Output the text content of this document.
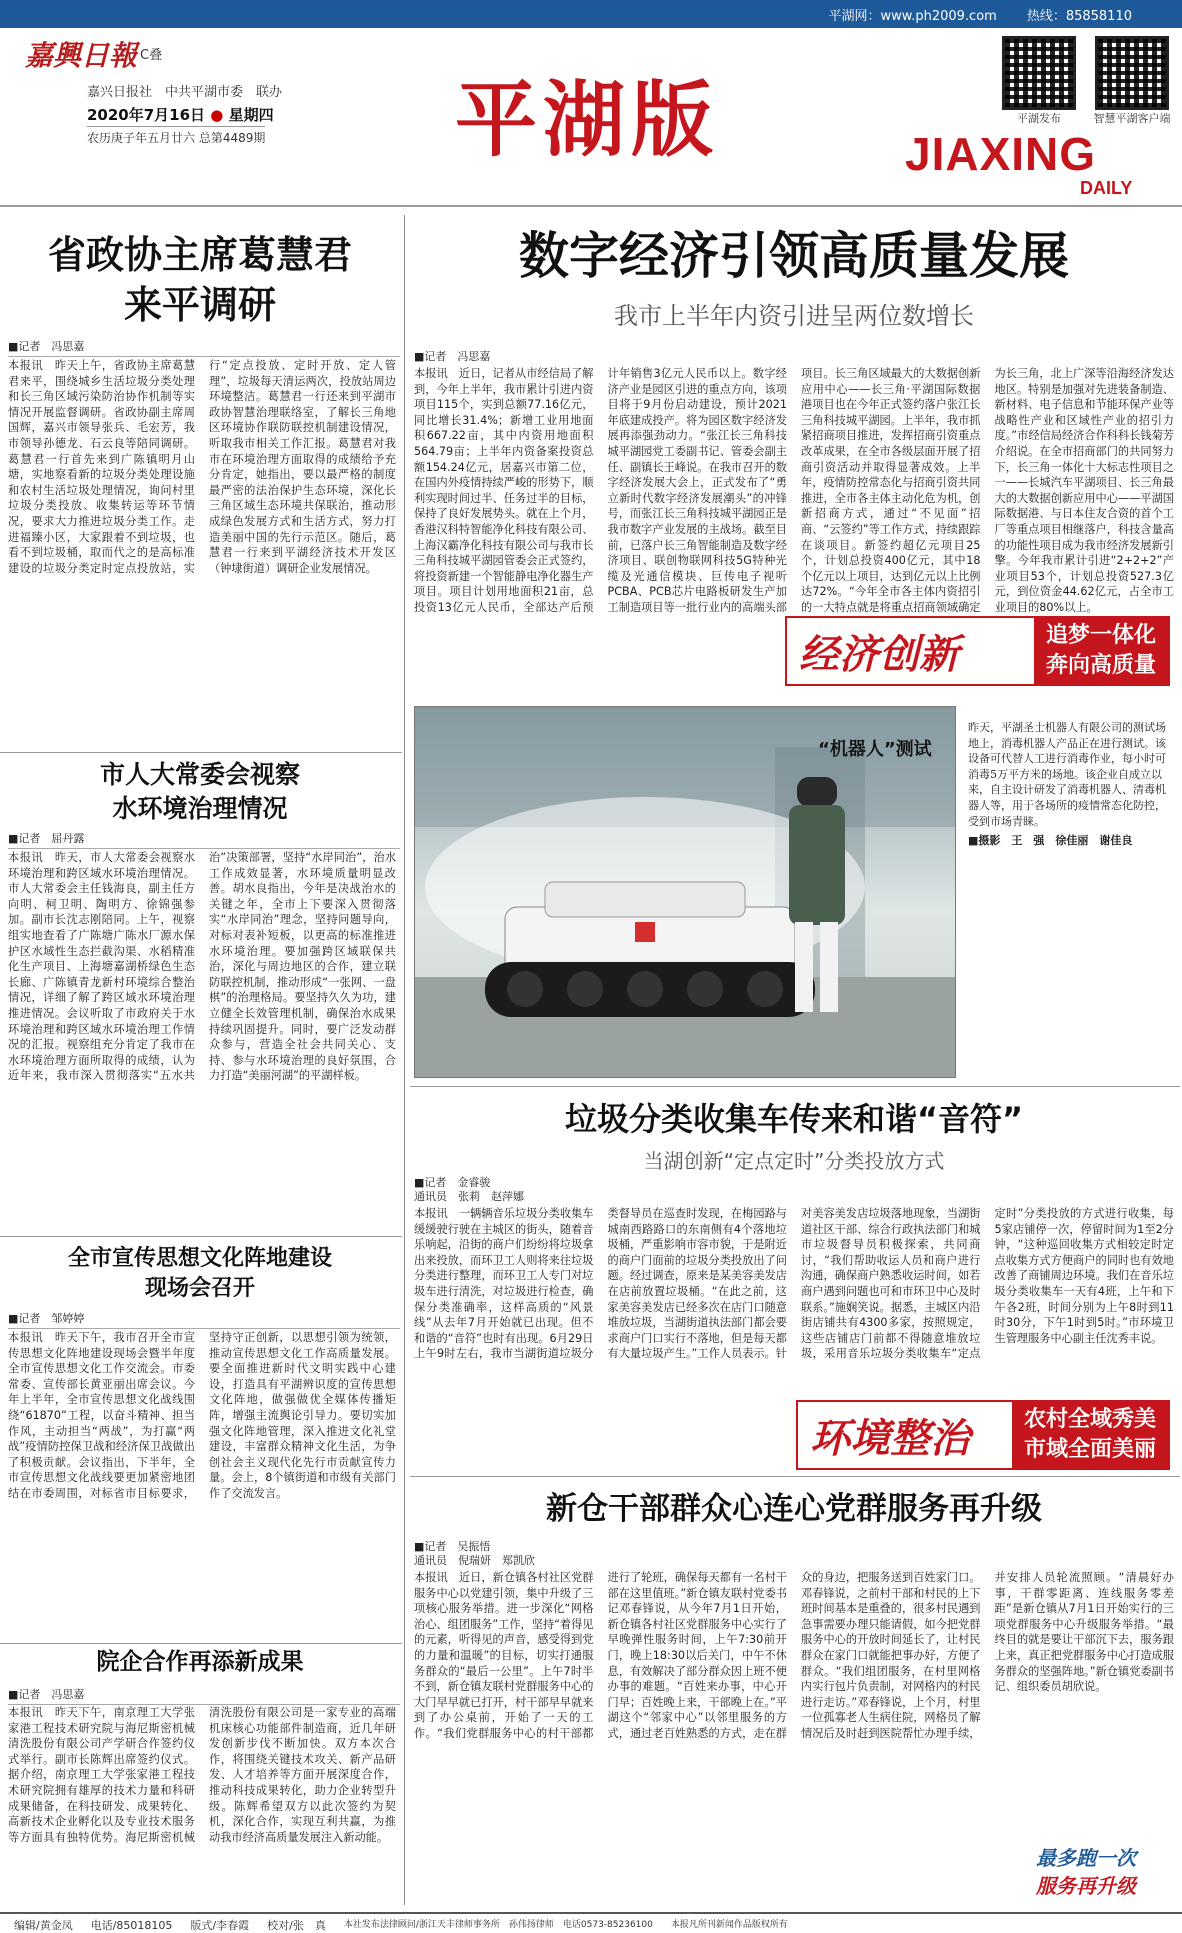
平湖网：www.ph2009.com 热线：85858110
嘉興日報 C叠
嘉兴日报社　中共平湖市委　联办
2020年7月16日 ● 星期四
农历庚子年五月廿六 总第4489期 平湖版	平湖发布	智慧平湖客户端
JIAXING
DAILY
省政协主席葛慧君
来平调研
■记者　冯思嘉
本报讯　昨天上午，省政协主席葛慧君来平，围绕城乡生活垃圾分类处理和长三角区域污染防治协作机制等实情况开展监督调研。省政协副主席周国辉，嘉兴市领导张兵、毛宏芳，我市领导孙德龙、石云良等陪同调研。葛慧君一行首先来到广陈镇明月山塘，实地察看新的垃圾分类处理设施和农村生活垃圾处理情况，询问村里垃圾分类投放、收集转运等环节情况，要求大力推进垃圾分类工作。走进福臻小区，大家跟着不到垃圾，也看不到垃圾桶，取而代之的是高标准建设的垃圾分类定时定点投放站，实行“定点投放、定时开放、定人管理”，垃圾每天清运两次，投放站周边环境整洁。葛慧君一行还来到平湖市政协智慧治理联络室，了解长三角地区环境协作联防联控机制建设情况，听取我市相关工作汇报。葛慧君对我市在环境治理方面取得的成绩给予充分肯定，她指出，要以最严格的制度最严密的法治保护生态环境，深化长三角区域生态环境共保联治，推动形成绿色发展方式和生活方式，努力打造美丽中国的先行示范区。随后，葛慧君一行来到平湖经济技术开发区（钟埭街道）调研企业发展情况。
数字经济引领高质量发展
我市上半年内资引进呈两位数增长
■记者　冯思嘉
本报讯　近日，记者从市经信局了解到，今年上半年，我市累计引进内资项目115个，实到总额77.16亿元，同比增长31.4%；新增工业用地面积667.22亩，其中内资用地面积564.79亩；上半年内资备案投资总额154.24亿元，居嘉兴市第二位，在国内外疫情持续严峻的形势下，顺利实现时间过半、任务过半的目标，保持了良好发展势头。就在上个月，香港汉科特智能净化科技有限公司、上海汉霸净化科技有限公司与我市长三角科技城平湖园管委会正式签约，将投资新建一个智能静电净化器生产项目。项目计划用地面积21亩，总投资13亿元人民币，全部达产后预计年销售3亿元人民币以上。数字经济产业是园区引进的重点方向，该项目将于9月份启动建设，预计2021年底建成投产。将为园区数字经济发展再添强劲动力。“张江长三角科技城平湖园党工委副书记、管委会副主任、副镇长王峰说。在我市召开的数字经济发展大会上，正式发布了“勇立新时代数字经济发展潮头”的冲锋号，而张江长三角科技城平湖园正是我市数字产业发展的主战场。截至目前，已落户长三角智能制造及数字经济项目、联创物联网科技5G特种光缆及光通信模块、巨传电子视听PCBA、PCB芯片电路板研发生产加工制造项目等一批行业内的高端头部项目。长三角区域最大的大数据创新应用中心——长三角·平湖国际数据港项目也在今年正式签约落户张江长三角科技城平湖园。上半年，我市抓紧招商项目推进，发挥招商引资重点改革成果，在全市各级层面开展了招商引资活动并取得显著成效。上半年，疫情防控常态化与招商引资共同推进，全市各主体主动化危为机，创新招商方式，通过“不见面”招商、“云签约”等工作方式，持续跟踪在谈项目。新签约超亿元项目25个，计划总投资400亿元，其中18个亿元以上项目，达到亿元以上比例达72%。“今年全市各主体内资招引的一大特点就是将重点招商领域确定为长三角，北上广深等沿海经济发达地区。特别是加强对先进装备制造、新材料、电子信息和节能环保产业等战略性产业和区域性产业的招引力度。”市经信局经济合作科科长钱菊芳介绍说。在全市招商部门的共同努力下，长三角一体化十大标志性项目之一——长城汽车平湖项目、长三角最大的大数据创新应用中心——平湖国际数据港、与日本住友合资的首个工厂等重点项目相继落户，科技含量高的功能性项目成为我市经济发展新引擎。今年我市累计引进“2+2+2”产业项目53个，计划总投资527.3亿元，到位资金44.62亿元，占全市工业项目的80%以上。
经济创新	追梦一体化
奔向高质量
“机器人”测试
昨天，平湖圣士机器人有限公司的测试场地上，消毒机器人产品正在进行测试。该设备可代替人工进行消毒作业，每小时可消毒5万平方米的场地。该企业自成立以来，自主设计研发了消毒机器人、清毒机器人等，用于各场所的疫情常态化防控，受到市场青睐。
■摄影　王　强　徐佳丽　谢佳良
市人大常委会视察
水环境治理情况
■记者　屈丹露
本报讯　昨天，市人大常委会视察水环境治理和跨区域水环境治理情况。市人大常委会主任钱海良，副主任方向明、柯卫明、陶明方、徐锦强参加。副市长沈志刚陪同。上午，视察组实地查看了广陈塘广陈水厂源水保护区水域性生态拦截沟渠、水稻精准化生产项目、上海塘嘉湖桥绿色生态长廊、广陈镇青龙新村环境综合整治情况，详细了解了跨区域水环境治理推进情况。会议听取了市政府关于水环境治理和跨区域水环境治理工作情况的汇报。视察组充分肯定了我市在水环境治理方面所取得的成绩，认为近年来，我市深入贯彻落实“五水共治”决策部署，坚持“水岸同治”，治水工作成效显著，水环境质量明显改善。胡水良指出，今年是决战治水的关键之年，全市上下要深入贯彻落实“水岸同治”理念，坚持问题导向，对标对表补短板，以更高的标准推进水环境治理。要加强跨区域联保共治，深化与周边地区的合作，建立联防联控机制，推动形成“一张网、一盘棋”的治理格局。要坚持久久为功，建立健全长效管理机制，确保治水成果持续巩固提升。同时，要广泛发动群众参与，营造全社会共同关心、支持、参与水环境治理的良好氛围，合力打造“美丽河湖”的平湖样板。
全市宣传思想文化阵地建设
现场会召开
■记者　邹婷婷
本报讯　昨天下午，我市召开全市宣传思想文化阵地建设现场会暨半年度全市宣传思想文化工作交流会。市委常委、宣传部长黄亚丽出席会议。今年上半年，全市宣传思想文化战线围绕“61870”工程，以奋斗精神、担当作风，主动担当“两战”，为打赢“两战”疫情防控保卫战和经济保卫战做出了积极贡献。会议指出，下半年，全市宣传思想文化战线要更加紧密地团结在市委周围，对标省市目标要求，坚持守正创新，以思想引领为统领，推动宣传思想文化工作高质量发展。要全面推进新时代文明实践中心建设，打造具有平湖辨识度的宣传思想文化阵地，做强做优全媒体传播矩阵，增强主流舆论引导力。要切实加强文化阵地管理，深入推进文化礼堂建设，丰富群众精神文化生活，为争创社会主义现代化先行市贡献宣传力量。会上，8个镇街道和市级有关部门作了交流发言。
院企合作再添新成果
■记者　冯思嘉
本报讯　昨天下午，南京理工大学张家港工程技术研究院与海尼斯密机械清洗股份有限公司产学研合作签约仪式举行。副市长陈辉出席签约仪式。据介绍，南京理工大学张家港工程技术研究院拥有雄厚的技术力量和科研成果储备，在科技研发、成果转化、高新技术企业孵化以及专业技术服务等方面具有独特优势。海尼斯密机械清洗股份有限公司是一家专业的高端机床核心功能部件制造商，近几年研发创新步伐不断加快。双方本次合作，将围绕关键技术攻关、新产品研发、人才培养等方面开展深度合作，推动科技成果转化，助力企业转型升级。陈辉希望双方以此次签约为契机，深化合作，实现互利共赢，为推动我市经济高质量发展注入新动能。
垃圾分类收集车传来和谐“音符”
当湖创新“定点定时”分类投放方式
■记者　金睿骏
通讯员　张莉　赵萍娜
本报讯　一辆辆音乐垃圾分类收集车缓缓驶行驶在主城区的街头，随着音乐响起，沿街的商户们纷纷将垃圾拿出来投放，而环卫工人则将来往垃圾分类进行整理，而环卫工人专门对垃圾车进行清洗，对垃圾进行检查，确保分类准确率，这样高质的“风景线”从去年7月开始就已出现。但不和谐的“音符”也时有出现。6月29日上午9时左右，我市当湖街道垃圾分类督导员在巡查时发现，在梅园路与城南西路路口的东南侧有4个落地垃圾桶，严重影响市容市貌，于是附近的商户门面前的垃圾分类投放出了问题。经过调查，原来是某美容美发店在店前放置垃圾桶。“在此之前，这家美容美发店已经多次在店门口随意堆放垃圾，当湖街道执法部门都会要求商户门口实行不落地，但是每天都有大量垃圾产生。”工作人员表示。针对美容美发店垃圾落地现象，当湖街道社区干部、综合行政执法部门和城市垃圾督导员积极探索，共同商讨，“我们帮助收运人员和商户进行沟通，确保商户熟悉收运时间，如若商户遇到问题也可和市环卫中心及时联系。”施娴笑说。据悉，主城区内沿街店铺共有4300多家，按照规定，这些店铺店门前都不得随意堆放垃圾，采用音乐垃圾分类收集车“定点定时”分类投放的方式进行收集，每5家店铺停一次，停留时间为1至2分钟，“这种巡回收集方式相较定时定点收集方式方便商户的同时也有效地改善了商铺周边环境。我们在音乐垃圾分类收集车一天有4班，上午和下午各2班，时间分别为上午8时到11时30分，下午1时到5时。”市环境卫生管理服务中心副主任沈秀丰说。
环境整治	农村全域秀美
市域全面美丽
新仓干部群众心连心党群服务再升级
■记者　吴振悟
通讯员　倪瑞妍　郑凯欣
本报讯　近日，新仓镇各村社区党群服务中心以党建引领，集中升级了三项核心服务举措。进一步深化“网格治心、组团服务”工作，坚持“着得见的元素，听得见的声音，感受得到党的力量和温暖”的目标，切实打通服务群众的“最后一公里”。上午7时半不到，新仓镇友联村党群服务中心的大门早早就已打开，村干部早早就来到了办公桌前，开始了一天的工作。“我们党群服务中心的村干部都进行了轮班，确保每天都有一名村干部在这里值班。”新仓镇友联村党委书记邓春锋说，从今年7月1日开始，新仓镇各村社区党群服务中心实行了早晚弹性服务时间，上午7:30前开门，晚上18:30以后关门，中午不休息，有效解决了部分群众因上班不便办事的难题。“百姓来办事，中心开门早；百姓晚上来，干部晚上在。”平湖这个“邻家中心”以邻里服务的方式，通过老百姓熟悉的方式，走在群众的身边，把服务送到百姓家门口。邓春锋说，之前村干部和村民的上下班时间基本是重叠的，很多村民遇到急事需要办理只能请假，如今把党群服务中心的开放时间延长了，让村民群众在家门口就能把事办好，方便了群众。“我们组团服务，在村里网格内实行包片负责制，对网格内的村民进行走访。”邓春锋说，上个月，村里一位孤寡老人生病住院，网格员了解情况后及时赶到医院帮忙办理手续，并安排人员轮流照顾。“清晨好办事，干群零距离、连线服务零差距”是新仓镇从7月1日开始实行的三项党群服务中心升级服务举措。“最终目的就是要让干部沉下去，服务跟上来，真正把党群服务中心打造成服务群众的坚强阵地。”新仓镇党委副书记、组织委员胡欣说。
最多跑一次
服务再升级
编辑/黄金凤 电话/85018105 版式/李春霞 校对/张　真 本社发布法律顾问/浙江天丰律师事务所　孙伟扬律师　电话0573-85236100 本报凡所刊新闻作品版权所有
